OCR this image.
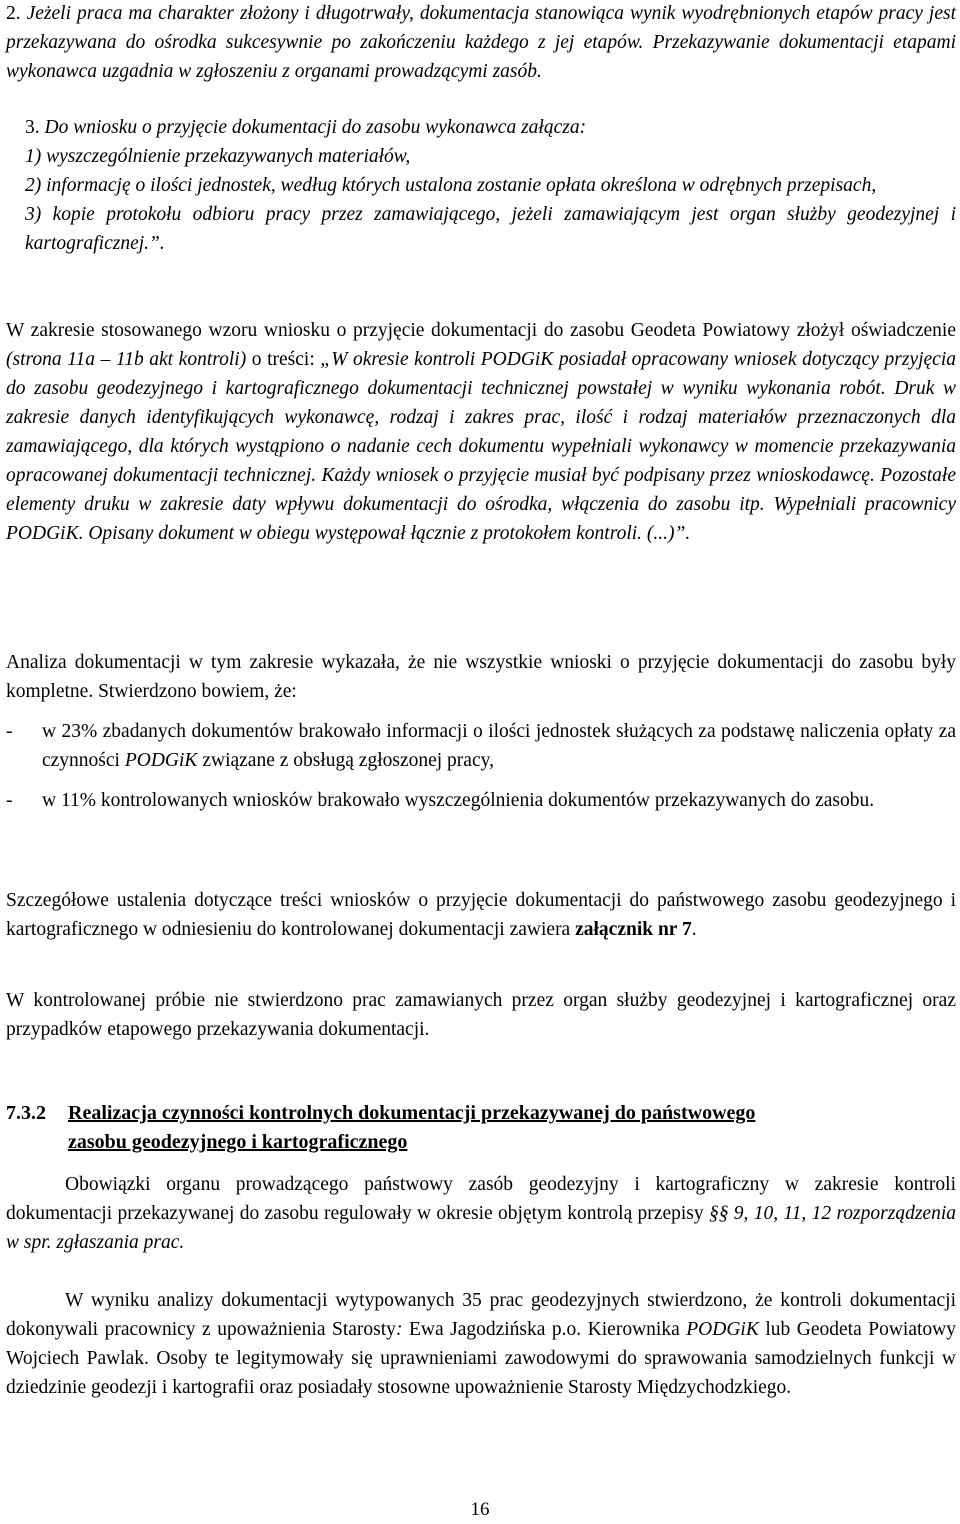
2. Jeżeli praca ma charakter złożony i długotrwały, dokumentacja stanowiąca wynik wyodrębnionych etapów pracy jest przekazywana do ośrodka sukcesywnie po zakończeniu każdego z jej etapów. Przekazywanie dokumentacji etapami wykonawca uzgadnia w zgłoszeniu z organami prowadzącymi zasób.
3. Do wniosku o przyjęcie dokumentacji do zasobu wykonawca załącza:
1) wyszczególnienie przekazywanych materiałów,
2) informację o ilości jednostek, według których ustalona zostanie opłata określona w odrębnych przepisach,
3) kopie protokołu odbioru pracy przez zamawiającego, jeżeli zamawiającym jest organ służby geodezyjnej i kartograficznej.”.
W zakresie stosowanego wzoru wniosku o przyjęcie dokumentacji do zasobu Geodeta Powiatowy złożył oświadczenie (strona 11a – 11b akt kontroli) o treści: „W okresie kontroli PODGiK posiadał opracowany wniosek dotyczący przyjęcia do zasobu geodezyjnego i kartograficznego dokumentacji technicznej powstałej w wyniku wykonania robót. Druk w zakresie danych identyfikujących wykonawcę, rodzaj i zakres prac, ilość i rodzaj materiałów przeznaczonych dla zamawiającego, dla których wystąpiono o nadanie cech dokumentu wypełniali wykonawcy w momencie przekazywania opracowanej dokumentacji technicznej. Każdy wniosek o przyjęcie musiał być podpisany przez wnioskodawcę. Pozostałe elementy druku w zakresie daty wpływu dokumentacji do ośrodka, włączenia do zasobu itp. Wypełniali pracownicy PODGiK. Opisany dokument w obiegu występował łącznie z protokołem kontroli. (...)”.
Analiza dokumentacji w tym zakresie wykazała, że nie wszystkie wnioski o przyjęcie dokumentacji do zasobu były kompletne. Stwierdzono bowiem, że:
- w 23% zbadanych dokumentów brakowało informacji o ilości jednostek służących za podstawę naliczenia opłaty za czynności PODGiK związane z obsługą zgłoszonej pracy,
- w 11% kontrolowanych wniosków brakowało wyszczególnienia dokumentów przekazywanych do zasobu.
Szczegółowe ustalenia dotyczące treści wniosków o przyjęcie dokumentacji do państwowego zasobu geodezyjnego i kartograficznego w odniesieniu do kontrolowanej dokumentacji zawiera załącznik nr 7.
W kontrolowanej próbie nie stwierdzono prac zamawianych przez organ służby geodezyjnej i kartograficznej oraz przypadków etapowego przekazywania dokumentacji.
7.3.2 Realizacja czynności kontrolnych dokumentacji przekazywanej do państwowego
zasobu geodezyjnego i kartograficznego
Obowiązki organu prowadzącego państwowy zasób geodezyjny i kartograficzny w zakresie kontroli dokumentacji przekazywanej do zasobu regulowały w okresie objętym kontrolą przepisy §§ 9, 10, 11, 12 rozporządzenia w spr. zgłaszania prac.
W wyniku analizy dokumentacji wytypowanych 35 prac geodezyjnych stwierdzono, że kontroli dokumentacji dokonywali pracownicy z upoważnienia Starosty: Ewa Jagodzińska p.o. Kierownika PODGiK lub Geodeta Powiatowy Wojciech Pawlak. Osoby te legitymowały się uprawnieniami zawodowymi do sprawowania samodzielnych funkcji w dziedzinie geodezji i kartografii oraz posiadały stosowne upoważnienie Starosty Międzychodzkiego.
16
